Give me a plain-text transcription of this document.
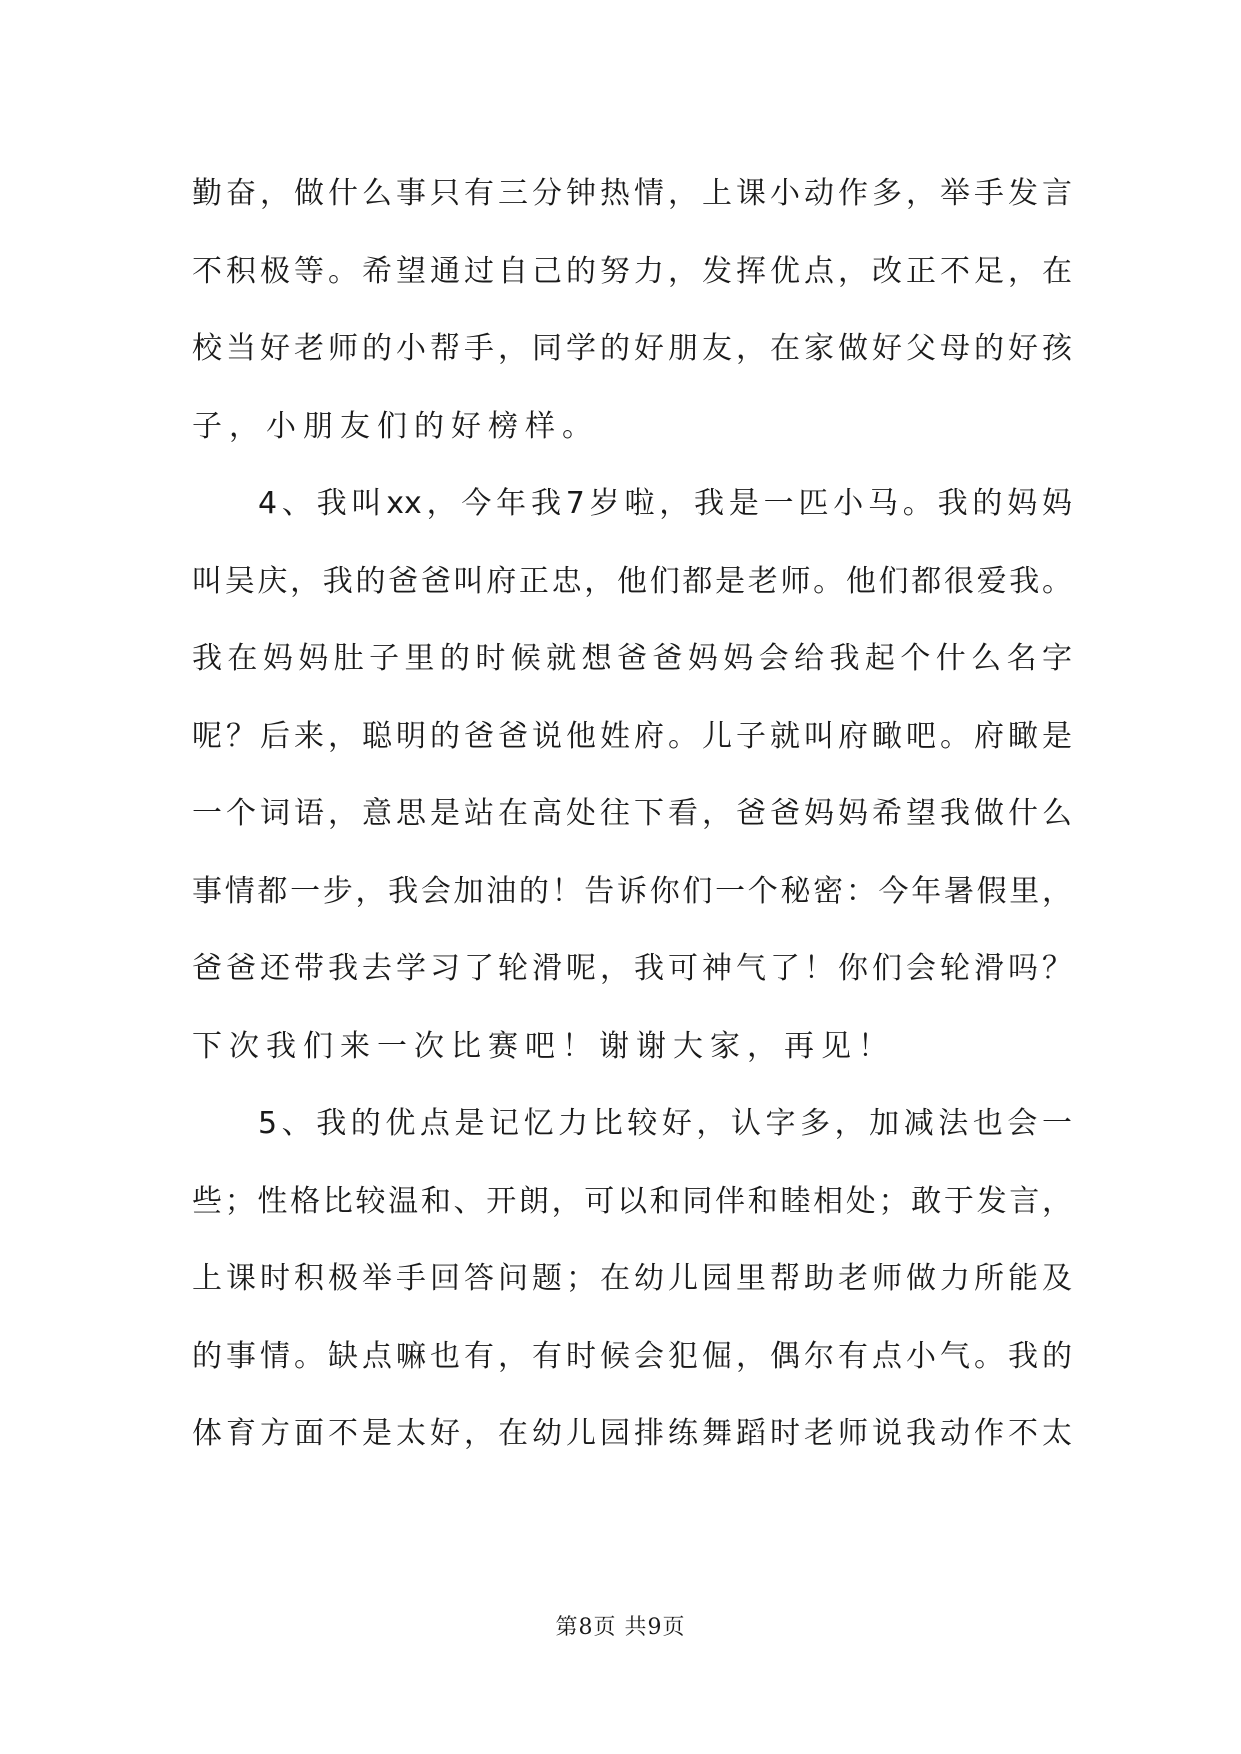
勤奋，做什么事只有三分钟热情，上课小动作多，举手发言
不积极等。希望通过自己的努力，发挥优点，改正不足，在
校当好老师的小帮手，同学的好朋友，在家做好父母的好孩
子，小朋友们的好榜样。
4、我叫xx，今年我7岁啦，我是一匹小马。我的妈妈
叫吴庆，我的爸爸叫府正忠，他们都是老师。他们都很爱我。
我在妈妈肚子里的时候就想爸爸妈妈会给我起个什么名字
呢？后来，聪明的爸爸说他姓府。儿子就叫府瞰吧。府瞰是
一个词语，意思是站在高处往下看，爸爸妈妈希望我做什么
事情都一步，我会加油的！告诉你们一个秘密：今年暑假里，
爸爸还带我去学习了轮滑呢，我可神气了！你们会轮滑吗？
下次我们来一次比赛吧！谢谢大家，再见！
5、我的优点是记忆力比较好，认字多，加减法也会一
些；性格比较温和、开朗，可以和同伴和睦相处；敢于发言，
上课时积极举手回答问题；在幼儿园里帮助老师做力所能及
的事情。缺点嘛也有，有时候会犯倔，偶尔有点小气。我的
体育方面不是太好，在幼儿园排练舞蹈时老师说我动作不太
第8页 共9页
